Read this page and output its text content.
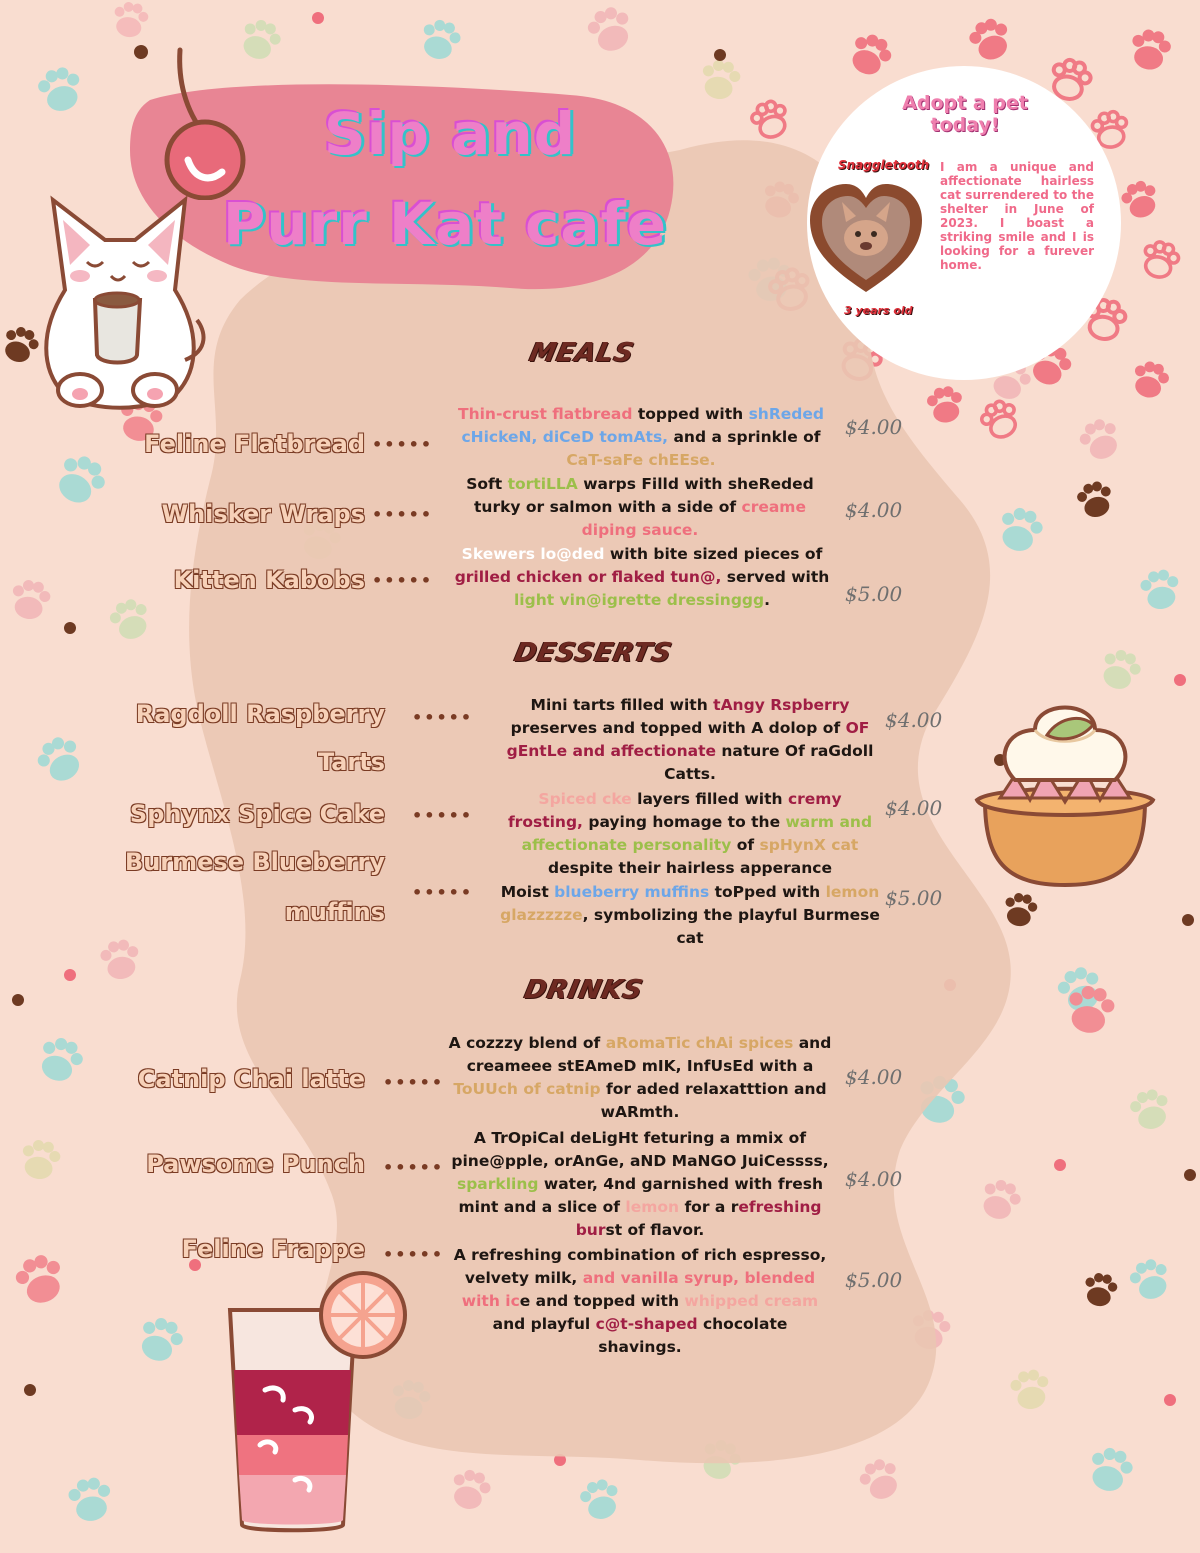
Sip and
Purr Kat cafe
Adopt a pet
today!
Snaggletooth
3 years old
I am a unique and affectionate hairless cat surrendered to the shelter in June of 2023. I boast a striking smile and I is looking for a furever home.
MEALS
DESSERTS
DRINKS
Feline Flatbread •••••
Thin-crust flatbread topped with shReded cHickeN, diCeD tomAts, and a sprinkle of CaT-saFe chEEse.
$4.00
Whisker Wraps •••••
Soft tortiLLA warps Filld with sheReded turky or salmon with a side of creame diping sauce.
$4.00
Kitten Kabobs •••••
Skewers lo@ded with bite sized pieces of grilled chicken or flaked tun@, served with light vin@igrette dressinggg.	$5.00
Ragdoll Raspberry
Tarts
•••••
Mini tarts filled with tAngy Rspberry preserves and topped with A dolop of OF gEntLe and affectionate nature Of raGdoll Catts.
$4.00
Sphynx Spice Cake •••••
Spiced cke layers filled with cremy frosting, paying homage to the warm and affectionate personality of spHynX cat despite their hairless apperance
$4.00
Burmese Blueberry
muffins
••••• Moist blueberry muffins toPped with lemon glazzzzze, symbolizing the playful Burmese cat
$5.00
Catnip Chai latte •••••
A cozzzy blend of aRomaTic chAi spices and creameee stEAmeD mIK, InfUsEd with a ToUUch of catnip for aded relaxatttion and wARmth.
$4.00
Pawsome Punch •••••
A TrOpiCal deLigHt feturing a mmix of pine@pple, orAnGe, aND MaNGO JuiCessss, sparkling water, 4nd garnished with fresh mint and a slice of lemon for a refreshing burst of flavor.
$4.00
Feline Frappe ••••• A refreshing combination of rich espresso, velvety milk, and vanilla syrup, blended with ice and topped with whipped cream and playful c@t-shaped chocolate shavings.
$5.00
